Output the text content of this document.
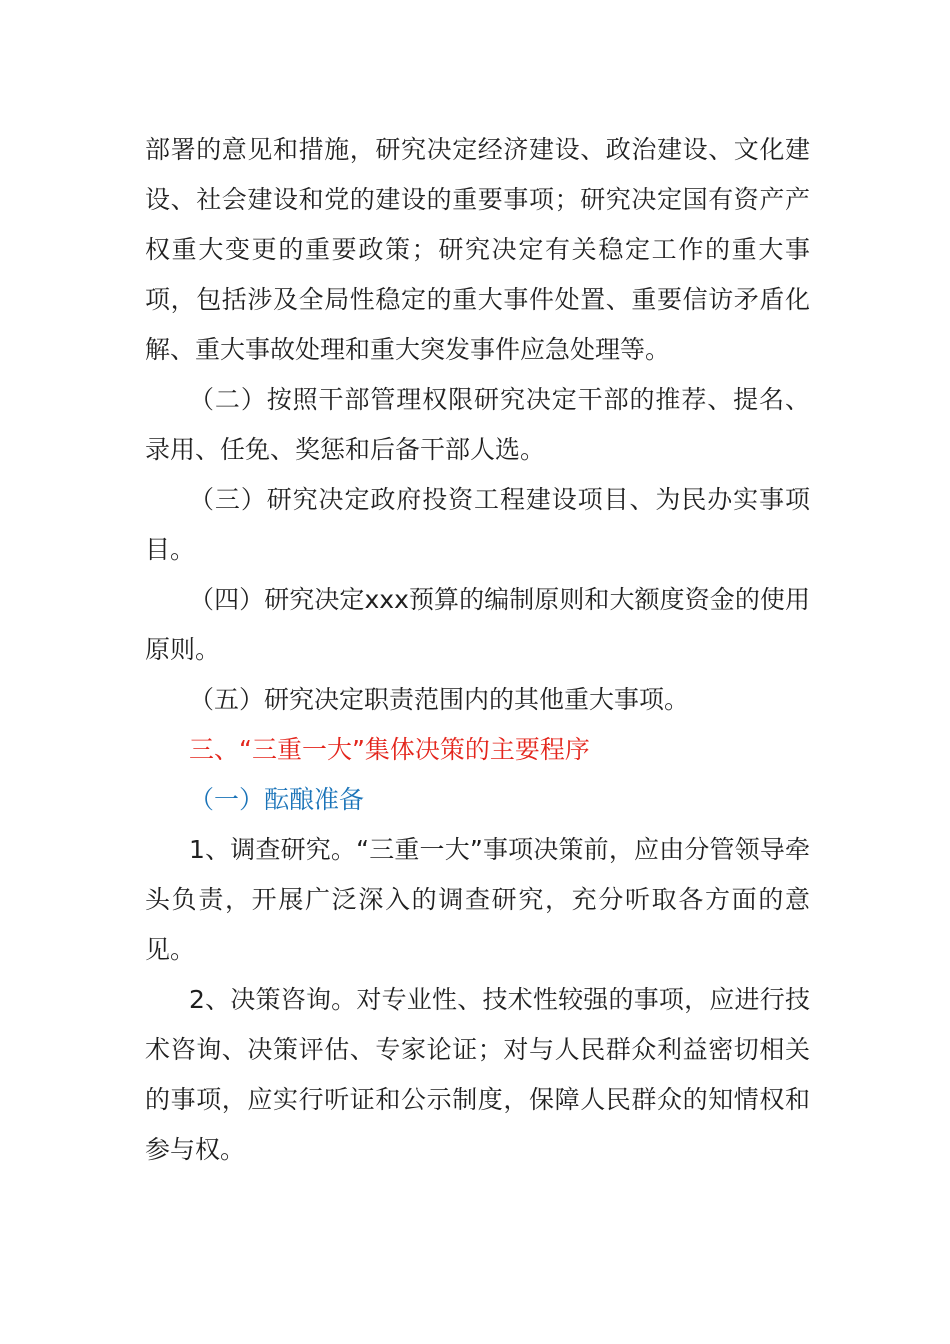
部署的意见和措施，研究决定经济建设、政治建设、文化建设、社会建设和党的建设的重要事项；研究决定国有资产产权重大变更的重要政策；研究决定有关稳定工作的重大事项，包括涉及全局性稳定的重大事件处置、重要信访矛盾化解、重大事故处理和重大突发事件应急处理等。

（二）按照干部管理权限研究决定干部的推荐、提名、录用、任免、奖惩和后备干部人选。

（三）研究决定政府投资工程建设项目、为民办实事项目。

（四）研究决定xxx预算的编制原则和大额度资金的使用原则。

（五）研究决定职责范围内的其他重大事项。

三、“三重一大”集体决策的主要程序

（一）酝酿准备

1、调查研究。“三重一大”事项决策前，应由分管领导牵头负责，开展广泛深入的调查研究，充分听取各方面的意见。

2、决策咨询。对专业性、技术性较强的事项，应进行技术咨询、决策评估、专家论证；对与人民群众利益密切相关的事项，应实行听证和公示制度，保障人民群众的知情权和参与权。
